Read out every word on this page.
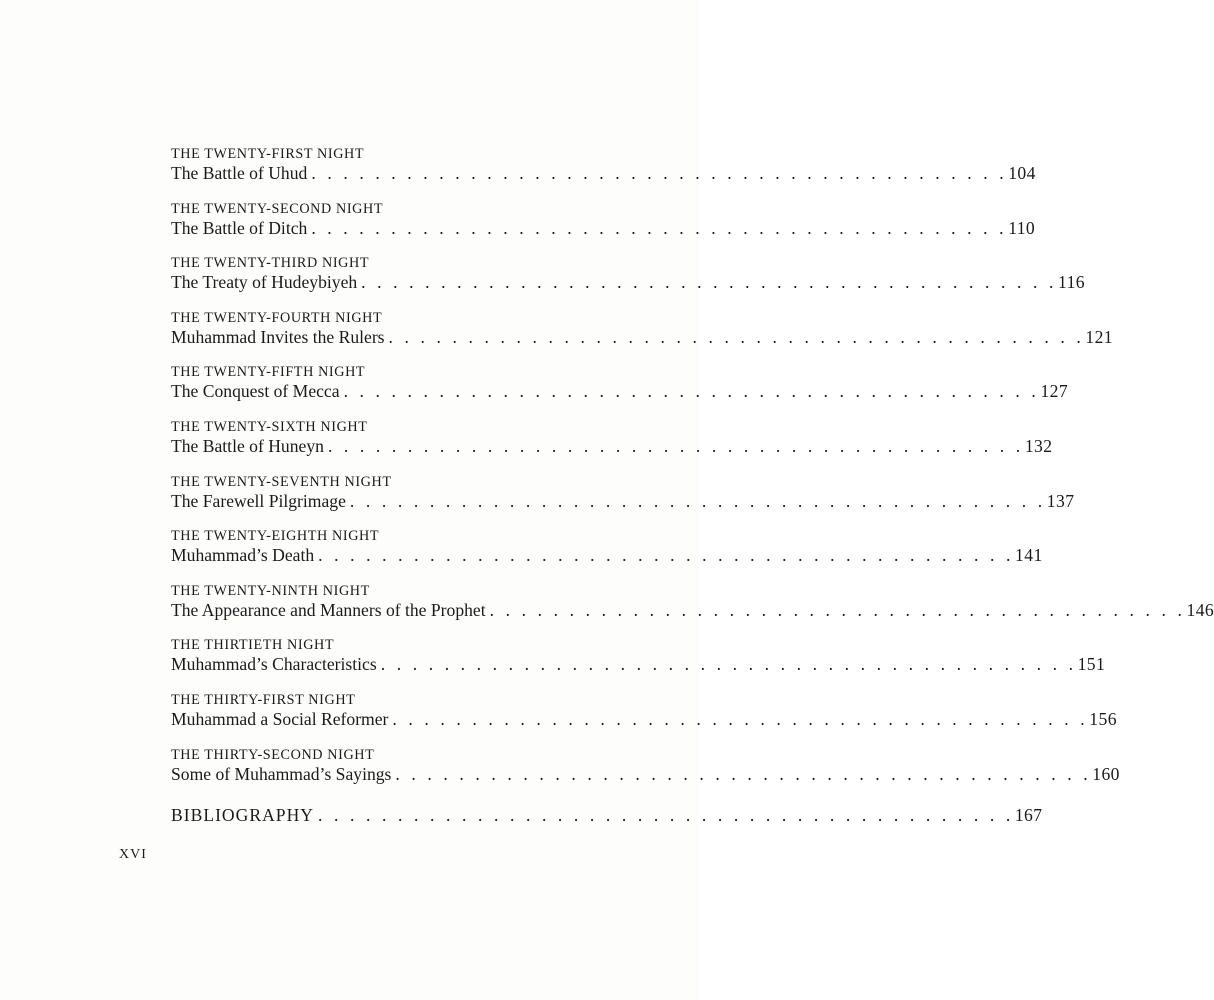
THE TWENTY-FIRST NIGHT
The Battle of Uhud . . . . . . . . . . . . . . . . . . . . . . . . . . . . . . . . . . . . . . . . . . . . 104
THE TWENTY-SECOND NIGHT
The Battle of Ditch . . . . . . . . . . . . . . . . . . . . . . . . . . . . . . . . . . . . . . . . . . . . 110
THE TWENTY-THIRD NIGHT
The Treaty of Hudeybiyeh . . . . . . . . . . . . . . . . . . . . . . . . . . . . . . . . . . . . . . . . . . . . 116
THE TWENTY-FOURTH NIGHT
Muhammad Invites the Rulers . . . . . . . . . . . . . . . . . . . . . . . . . . . . . . . . . . . . . . . . . . . . 121
THE TWENTY-FIFTH NIGHT
The Conquest of Mecca . . . . . . . . . . . . . . . . . . . . . . . . . . . . . . . . . . . . . . . . . . . . 127
THE TWENTY-SIXTH NIGHT
The Battle of Huneyn . . . . . . . . . . . . . . . . . . . . . . . . . . . . . . . . . . . . . . . . . . . . 132
THE TWENTY-SEVENTH NIGHT
The Farewell Pilgrimage . . . . . . . . . . . . . . . . . . . . . . . . . . . . . . . . . . . . . . . . . . . . 137
THE TWENTY-EIGHTH NIGHT
Muhammad’s Death . . . . . . . . . . . . . . . . . . . . . . . . . . . . . . . . . . . . . . . . . . . . 141
THE TWENTY-NINTH NIGHT
The Appearance and Manners of the Prophet . . . . . . . . . . . . . . . . . . . . . . . . . . . . . . . . . . . . . . . . . . . . 146
THE THIRTIETH NIGHT
Muhammad’s Characteristics . . . . . . . . . . . . . . . . . . . . . . . . . . . . . . . . . . . . . . . . . . . . 151
THE THIRTY-FIRST NIGHT
Muhammad a Social Reformer . . . . . . . . . . . . . . . . . . . . . . . . . . . . . . . . . . . . . . . . . . . . 156
THE THIRTY-SECOND NIGHT
Some of Muhammad’s Sayings . . . . . . . . . . . . . . . . . . . . . . . . . . . . . . . . . . . . . . . . . . . . 160
BIBLIOGRAPHY . . . . . . . . . . . . . . . . . . . . . . . . . . . . . . . . . . . . . . . . . . . . 167
XVI
